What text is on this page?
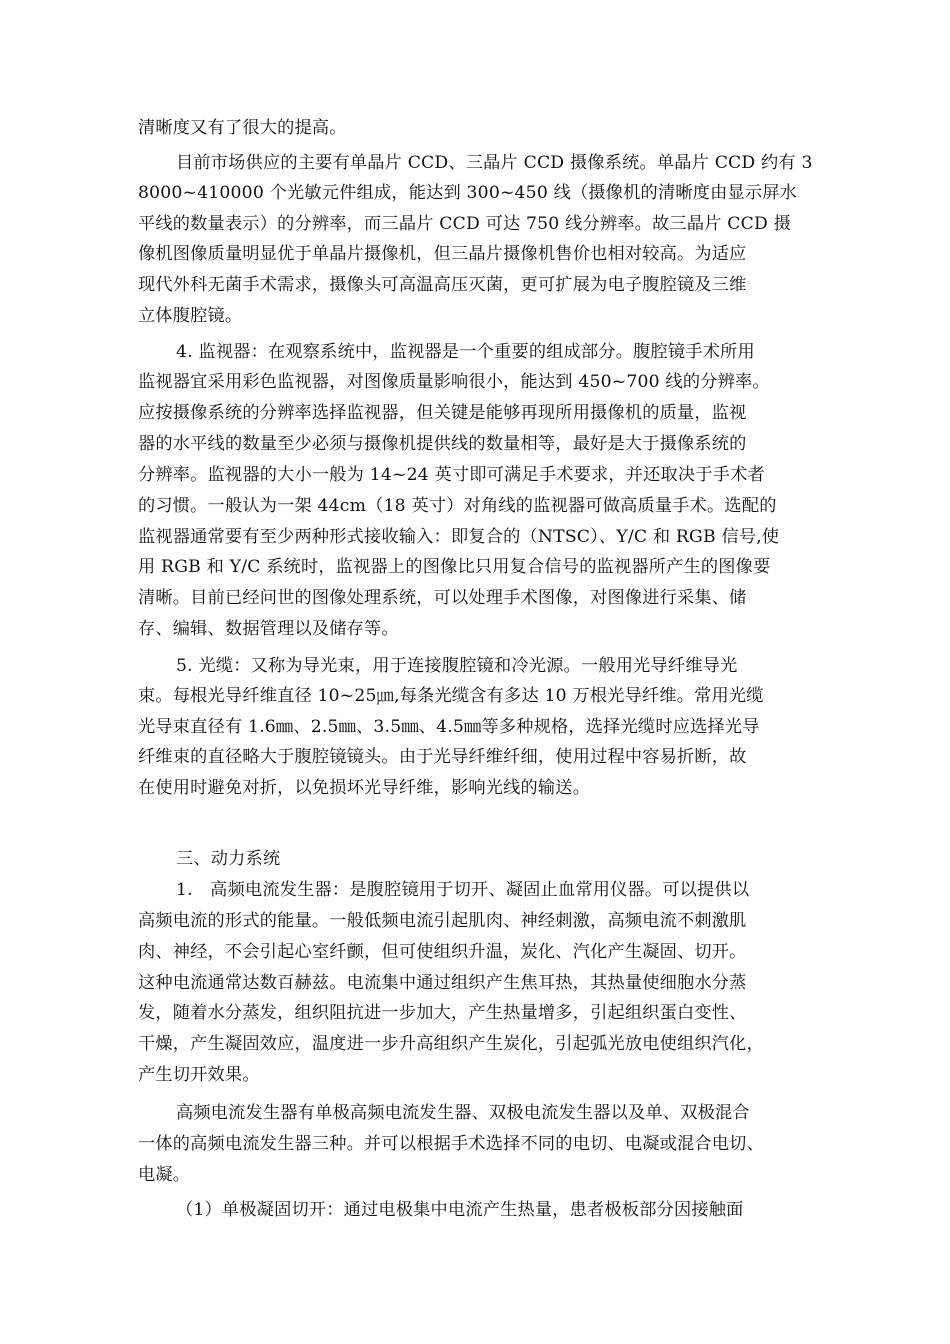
清晰度又有了很大的提高。
目前市场供应的主要有单晶片 CCD、三晶片 CCD 摄像系统。单晶片 CCD 约有 3
8000~410000 个光敏元件组成，能达到 300~450 线（摄像机的清晰度由显示屏水
平线的数量表示）的分辨率，而三晶片 CCD 可达 750 线分辨率。故三晶片 CCD 摄
像机图像质量明显优于单晶片摄像机，但三晶片摄像机售价也相对较高。为适应
现代外科无菌手术需求，摄像头可高温高压灭菌，更可扩展为电子腹腔镜及三维
立体腹腔镜。
4. 监视器：在观察系统中，监视器是一个重要的组成部分。腹腔镜手术所用
监视器宜采用彩色监视器，对图像质量影响很小，能达到 450~700 线的分辨率。
应按摄像系统的分辨率选择监视器，但关键是能够再现所用摄像机的质量，监视
器的水平线的数量至少必须与摄像机提供线的数量相等，最好是大于摄像系统的
分辨率。监视器的大小一般为 14~24 英寸即可满足手术要求，并还取决于手术者
的习惯。一般认为一架 44cm（18 英寸）对角线的监视器可做高质量手术。选配的
监视器通常要有至少两种形式接收输入：即复合的（NTSC）、Y/C 和 RGB 信号,使
用 RGB 和 Y/C 系统时，监视器上的图像比只用复合信号的监视器所产生的图像要
清晰。目前已经问世的图像处理系统，可以处理手术图像，对图像进行采集、储
存、编辑、数据管理以及储存等。
5. 光缆：又称为导光束，用于连接腹腔镜和冷光源。一般用光导纤维导光
束。每根光导纤维直径 10~25㎛,每条光缆含有多达 10 万根光导纤维。常用光缆
光导束直径有 1.6㎜、2.5㎜、3.5㎜、4.5㎜等多种规格，选择光缆时应选择光导
纤维束的直径略大于腹腔镜镜头。由于光导纤维纤细，使用过程中容易折断，故
在使用时避免对折，以免损坏光导纤维，影响光线的输送。
三、动力系统
1.　高频电流发生器：是腹腔镜用于切开、凝固止血常用仪器。可以提供以
高频电流的形式的能量。一般低频电流引起肌肉、神经刺激，高频电流不刺激肌
肉、神经，不会引起心室纤颤，但可使组织升温，炭化、汽化产生凝固、切开。
这种电流通常达数百赫兹。电流集中通过组织产生焦耳热，其热量使细胞水分蒸
发，随着水分蒸发，组织阻抗进一步加大，产生热量增多，引起组织蛋白变性、
干燥，产生凝固效应，温度进一步升高组织产生炭化，引起弧光放电使组织汽化，
产生切开效果。
高频电流发生器有单极高频电流发生器、双极电流发生器以及单、双极混合
一体的高频电流发生器三种。并可以根据手术选择不同的电切、电凝或混合电切、
电凝。
（1）单极凝固切开：通过电极集中电流产生热量，患者极板部分因接触面
